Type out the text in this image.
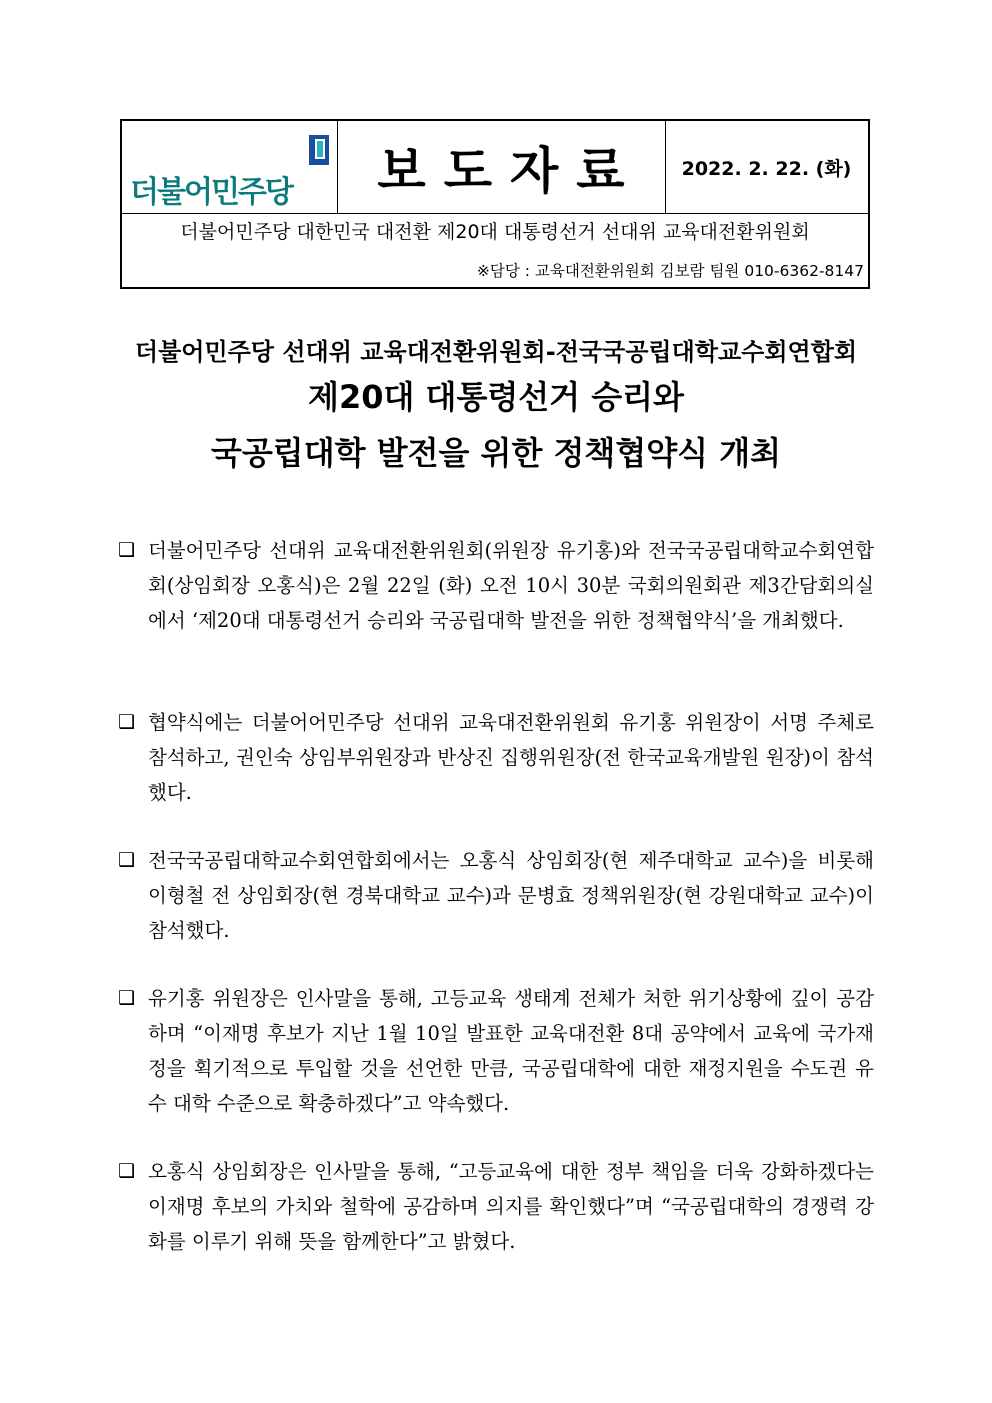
더불어민주당 보도자료	2022. 2. 22. (화)
더불어민주당 대한민국 대전환 제20대 대통령선거 선대위 교육대전환위원회
※담당 : 교육대전환위원회 김보람 팀원 010-6362-8147
더불어민주당 선대위 교육대전환위원회-전국국공립대학교수회연합회
제20대 대통령선거 승리와
국공립대학 발전을 위한 정책협약식 개최
❑ 더불어민주당 선대위 교육대전환위원회(위원장 유기홍)와 전국국공립대학교수회연합회(상임회장 오홍식)은 2월 22일 (화) 오전 10시 30분 국회의원회관 제3간담회의실에서 ‘제20대 대통령선거 승리와 국공립대학 발전을 위한 정책협약식’을 개최했다.
❑ 협약식에는 더불어어민주당 선대위 교육대전환위원회 유기홍 위원장이 서명 주체로 참석하고, 권인숙 상임부위원장과 반상진 집행위원장(전 한국교육개발원 원장)이 참석했다.
❑ 전국국공립대학교수회연합회에서는 오홍식 상임회장(현 제주대학교 교수)을 비롯해 이형철 전 상임회장(현 경북대학교 교수)과 문병효 정책위원장(현 강원대학교 교수)이 참석했다.
❑ 유기홍 위원장은 인사말을 통해, 고등교육 생태계 전체가 처한 위기상황에 깊이 공감하며 “이재명 후보가 지난 1월 10일 발표한 교육대전환 8대 공약에서 교육에 국가재정을 획기적으로 투입할 것을 선언한 만큼, 국공립대학에 대한 재정지원을 수도권 유수 대학 수준으로 확충하겠다”고 약속했다.
❑ 오홍식 상임회장은 인사말을 통해, “고등교육에 대한 정부 책임을 더욱 강화하겠다는 이재명 후보의 가치와 철학에 공감하며 의지를 확인했다”며 “국공립대학의 경쟁력 강화를 이루기 위해 뜻을 함께한다”고 밝혔다.
